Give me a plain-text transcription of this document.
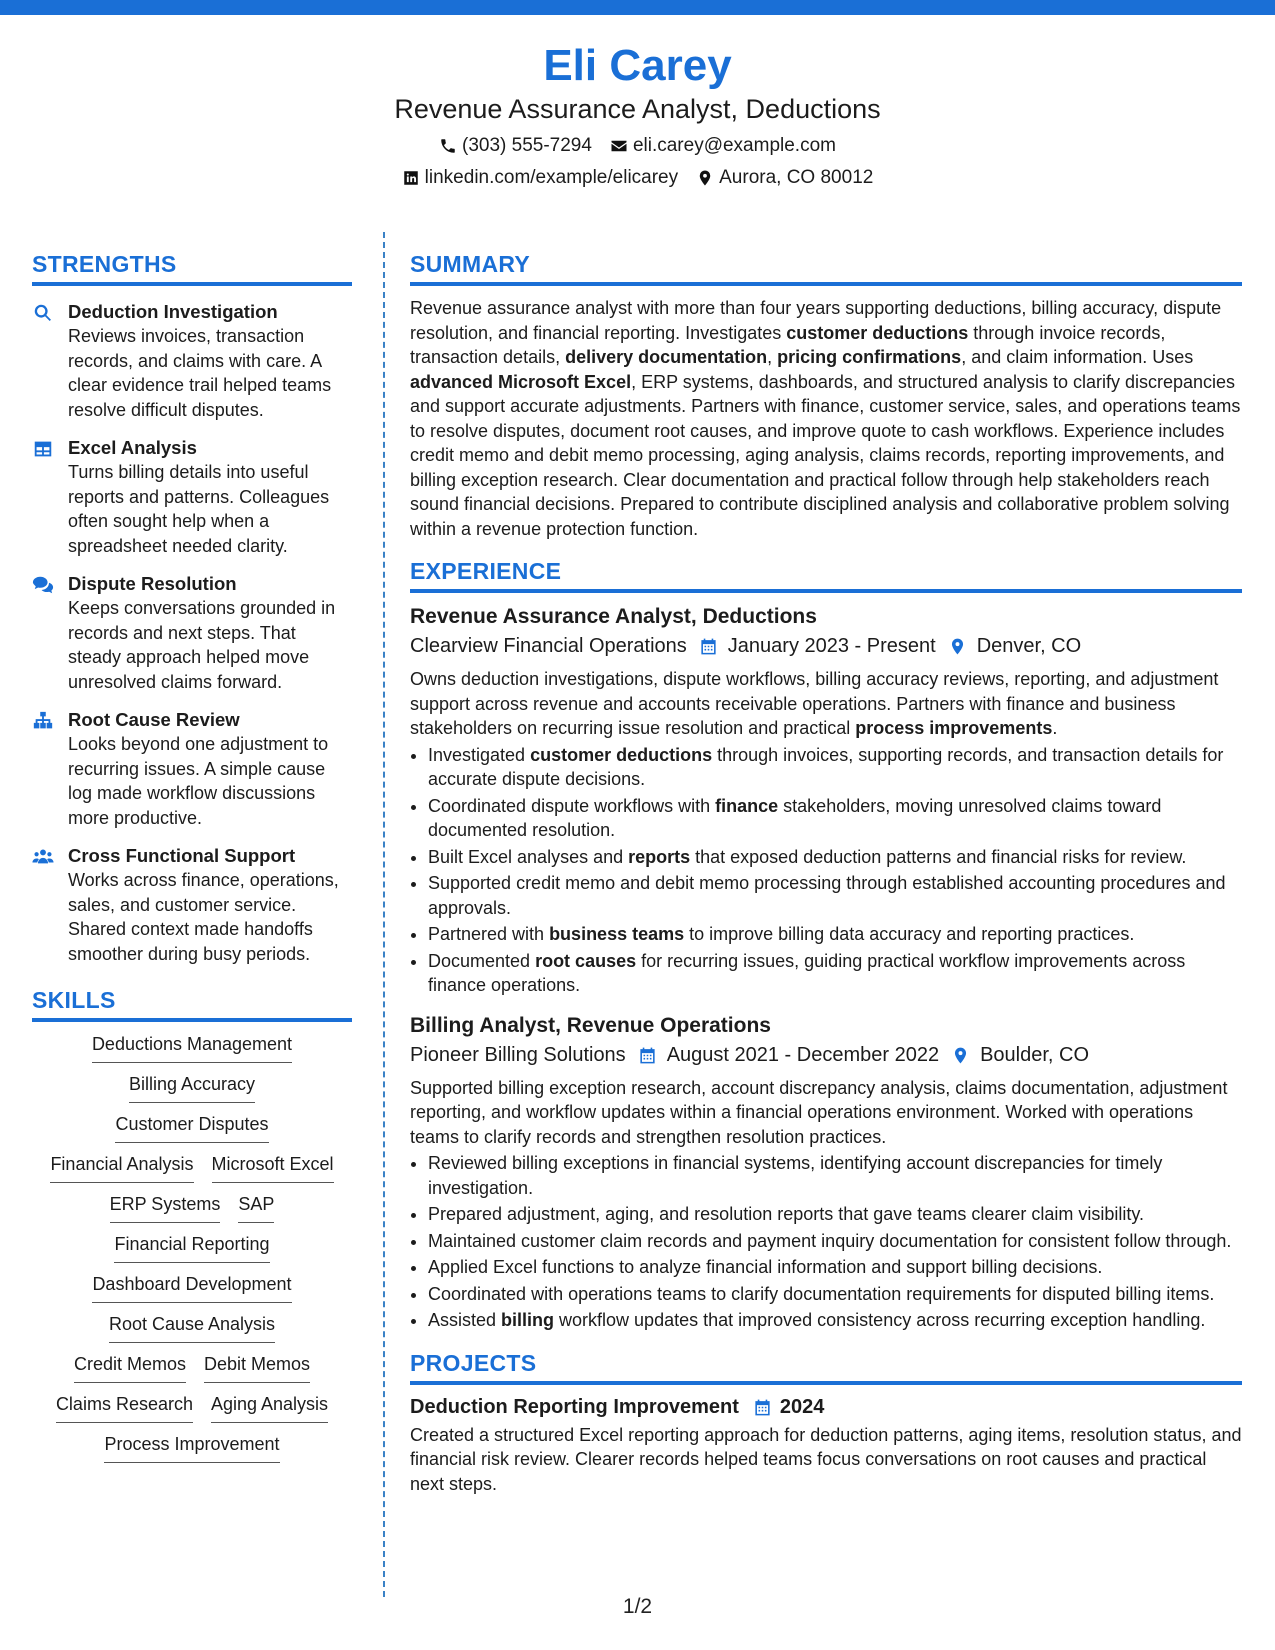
Eli Carey
Revenue Assurance Analyst, Deductions
(303) 555-7294 eli.carey@example.com
linkedin.com/example/elicarey Aurora, CO 80012
STRENGTHS
Deduction Investigation
Reviews invoices, transaction records, and claims with care. A clear evidence trail helped teams resolve difficult disputes.
Excel Analysis
Turns billing details into useful reports and patterns. Colleagues often sought help when a spreadsheet needed clarity.
Dispute Resolution
Keeps conversations grounded in records and next steps. That steady approach helped move unresolved claims forward.
Root Cause Review
Looks beyond one adjustment to recurring issues. A simple cause log made workflow discussions more productive.
Cross Functional Support
Works across finance, operations, sales, and customer service. Shared context made handoffs smoother during busy periods.
SKILLS
Deductions Management
Billing Accuracy
Customer Disputes
Financial Analysis Microsoft Excel
ERP Systems SAP
Financial Reporting
Dashboard Development
Root Cause Analysis
Credit Memos Debit Memos
Claims Research Aging Analysis
Process Improvement
SUMMARY
Revenue assurance analyst with more than four years supporting deductions, billing accuracy, dispute resolution, and financial reporting. Investigates customer deductions through invoice records, transaction details, delivery documentation, pricing confirmations, and claim information. Uses advanced Microsoft Excel, ERP systems, dashboards, and structured analysis to clarify discrepancies and support accurate adjustments. Partners with finance, customer service, sales, and operations teams to resolve disputes, document root causes, and improve quote to cash workflows. Experience includes credit memo and debit memo processing, aging analysis, claims records, reporting improvements, and billing exception research. Clear documentation and practical follow through help stakeholders reach sound financial decisions. Prepared to contribute disciplined analysis and collaborative problem solving within a revenue protection function.
EXPERIENCE
Revenue Assurance Analyst, Deductions
Clearview Financial Operations January 2023 - Present Denver, CO
Owns deduction investigations, dispute workflows, billing accuracy reviews, reporting, and adjustment support across revenue and accounts receivable operations. Partners with finance and business stakeholders on recurring issue resolution and practical process improvements.
• Investigated customer deductions through invoices, supporting records, and transaction details for accurate dispute decisions.
• Coordinated dispute workflows with finance stakeholders, moving unresolved claims toward documented resolution.
• Built Excel analyses and reports that exposed deduction patterns and financial risks for review.
• Supported credit memo and debit memo processing through established accounting procedures and approvals.
• Partnered with business teams to improve billing data accuracy and reporting practices.
• Documented root causes for recurring issues, guiding practical workflow improvements across finance operations.
Billing Analyst, Revenue Operations
Pioneer Billing Solutions August 2021 - December 2022 Boulder, CO
Supported billing exception research, account discrepancy analysis, claims documentation, adjustment reporting, and workflow updates within a financial operations environment. Worked with operations teams to clarify records and strengthen resolution practices.
• Reviewed billing exceptions in financial systems, identifying account discrepancies for timely investigation.
• Prepared adjustment, aging, and resolution reports that gave teams clearer claim visibility.
• Maintained customer claim records and payment inquiry documentation for consistent follow through.
• Applied Excel functions to analyze financial information and support billing decisions.
• Coordinated with operations teams to clarify documentation requirements for disputed billing items.
• Assisted billing workflow updates that improved consistency across recurring exception handling.
PROJECTS
Deduction Reporting Improvement 2024
Created a structured Excel reporting approach for deduction patterns, aging items, resolution status, and financial risk review. Clearer records helped teams focus conversations on root causes and practical next steps.
1/2
